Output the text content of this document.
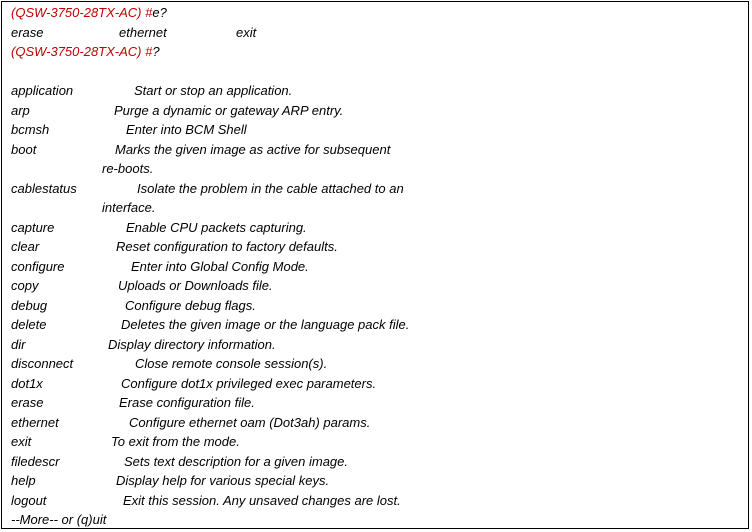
(QSW-3750-28TX-AC) #e?

erase

	ethernet

	exit

(QSW-3750-28TX-AC) #?
application	Start or stop an application.
arp	Purge a dynamic or gateway ARP entry.
bcmsh	Enter into BCM Shell
boot	Marks the given image as active for subsequent
re-boots.
cablestatus	Isolate the problem in the cable attached to an
interface.
capture	Enable CPU packets capturing.
clear	Reset configuration to factory defaults.
configure	Enter into Global Config Mode.
copy	Uploads or Downloads file.
debug	Configure debug flags.
delete	Deletes the given image or the language pack file.
dir	Display directory information.
disconnect	Close remote console session(s).
dot1x	Configure dot1x privileged exec parameters.
erase	Erase configuration file.
ethernet	Configure ethernet oam (Dot3ah) params.
exit	To exit from the mode.
filedescr	Sets text description for a given image.
help	Display help for various special keys.
logout	Exit this session. Any unsaved changes are lost.
--More-- or (q)uit
